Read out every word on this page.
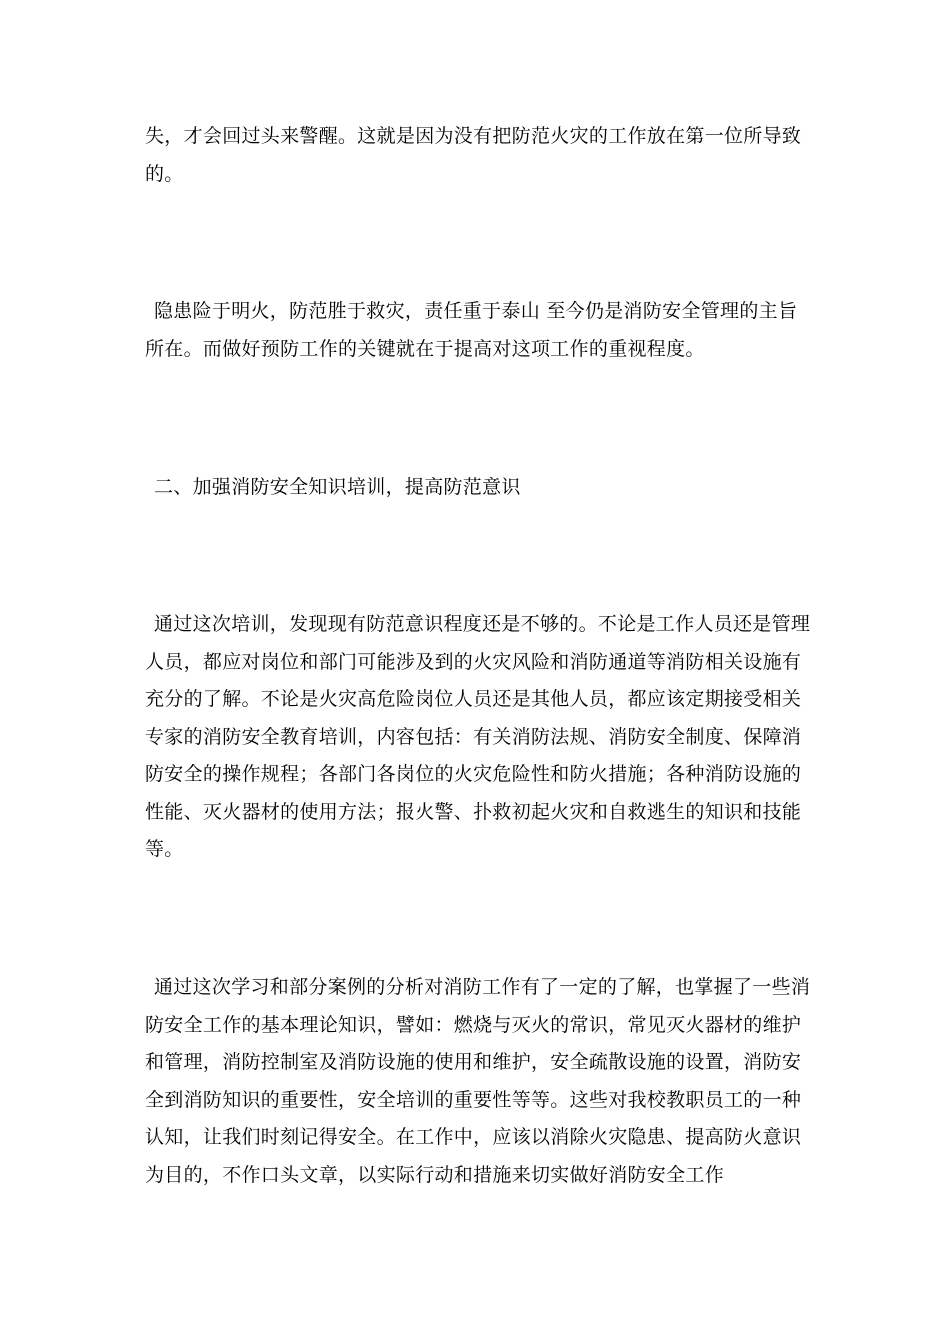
失，才会回过头来警醒。这就是因为没有把防范火灾的工作放在第一位所导致
的。
隐患险于明火，防范胜于救灾，责任重于泰山 至今仍是消防安全管理的主旨
所在。而做好预防工作的关键就在于提高对这项工作的重视程度。
二、加强消防安全知识培训，提高防范意识
通过这次培训，发现现有防范意识程度还是不够的。不论是工作人员还是管理
人员，都应对岗位和部门可能涉及到的火灾风险和消防通道等消防相关设施有
充分的了解。不论是火灾高危险岗位人员还是其他人员，都应该定期接受相关
专家的消防安全教育培训，内容包括：有关消防法规、消防安全制度、保障消
防安全的操作规程；各部门各岗位的火灾危险性和防火措施；各种消防设施的
性能、灭火器材的使用方法；报火警、扑救初起火灾和自救逃生的知识和技能
等。
通过这次学习和部分案例的分析对消防工作有了一定的了解，也掌握了一些消
防安全工作的基本理论知识，譬如：燃烧与灭火的常识，常见灭火器材的维护
和管理，消防控制室及消防设施的使用和维护，安全疏散设施的设置，消防安
全到消防知识的重要性，安全培训的重要性等等。这些对我校教职员工的一种
认知，让我们时刻记得安全。在工作中，应该以消除火灾隐患、提高防火意识
为目的，不作口头文章，以实际行动和措施来切实做好消防安全工作
